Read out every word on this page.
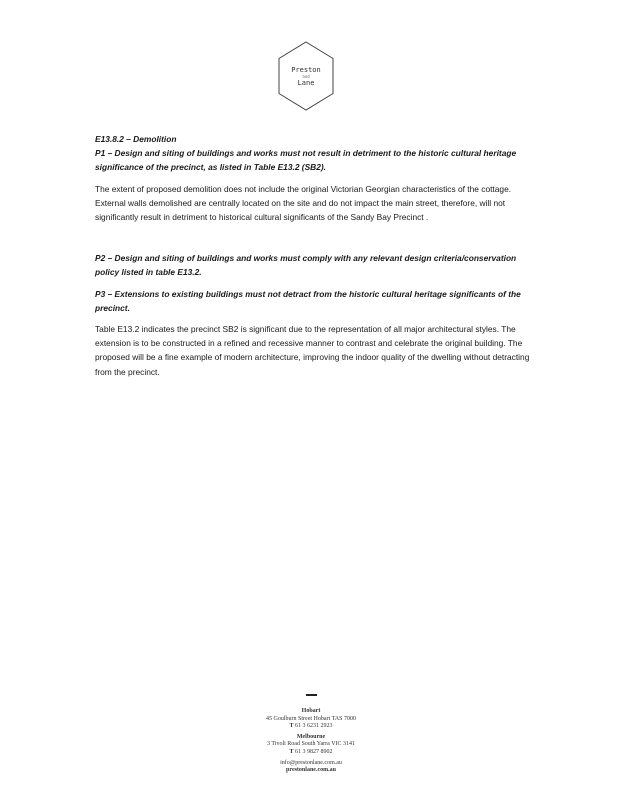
Preston
and
Lane

E13.8.2 – Demolition

P1 – Design and siting of buildings and works must not result in detriment to the historic cultural heritage significance of the precinct, as listed in Table E13.2 (SB2).

The extent of proposed demolition does not include the original Victorian Georgian characteristics of the cottage. External walls demolished are centrally located on the site and do not impact the main street, therefore, will not significantly result in detriment to historical cultural significants of the Sandy Bay Precinct .

P2 – Design and siting of buildings and works must comply with any relevant design criteria/conservation policy listed in table E13.2.

P3 – Extensions to existing buildings must not detract from the historic cultural heritage significants of the precinct.

Table E13.2 indicates the precinct SB2 is significant due to the representation of all major architectural styles. The extension is to be constructed in a refined and recessive manner to contrast and celebrate the original building. The proposed will be a fine example of modern architecture, improving the indoor quality of the dwelling without detracting from the precinct.

Hobart
45 Goulburn Street Hobart TAS 7000
T 61 3 6231 2923
Melbourne
3 Tivoli Road South Yarra VIC 3141
T 61 3 9827 8902
info@prestonlane.com.au
prestonlane.com.au
